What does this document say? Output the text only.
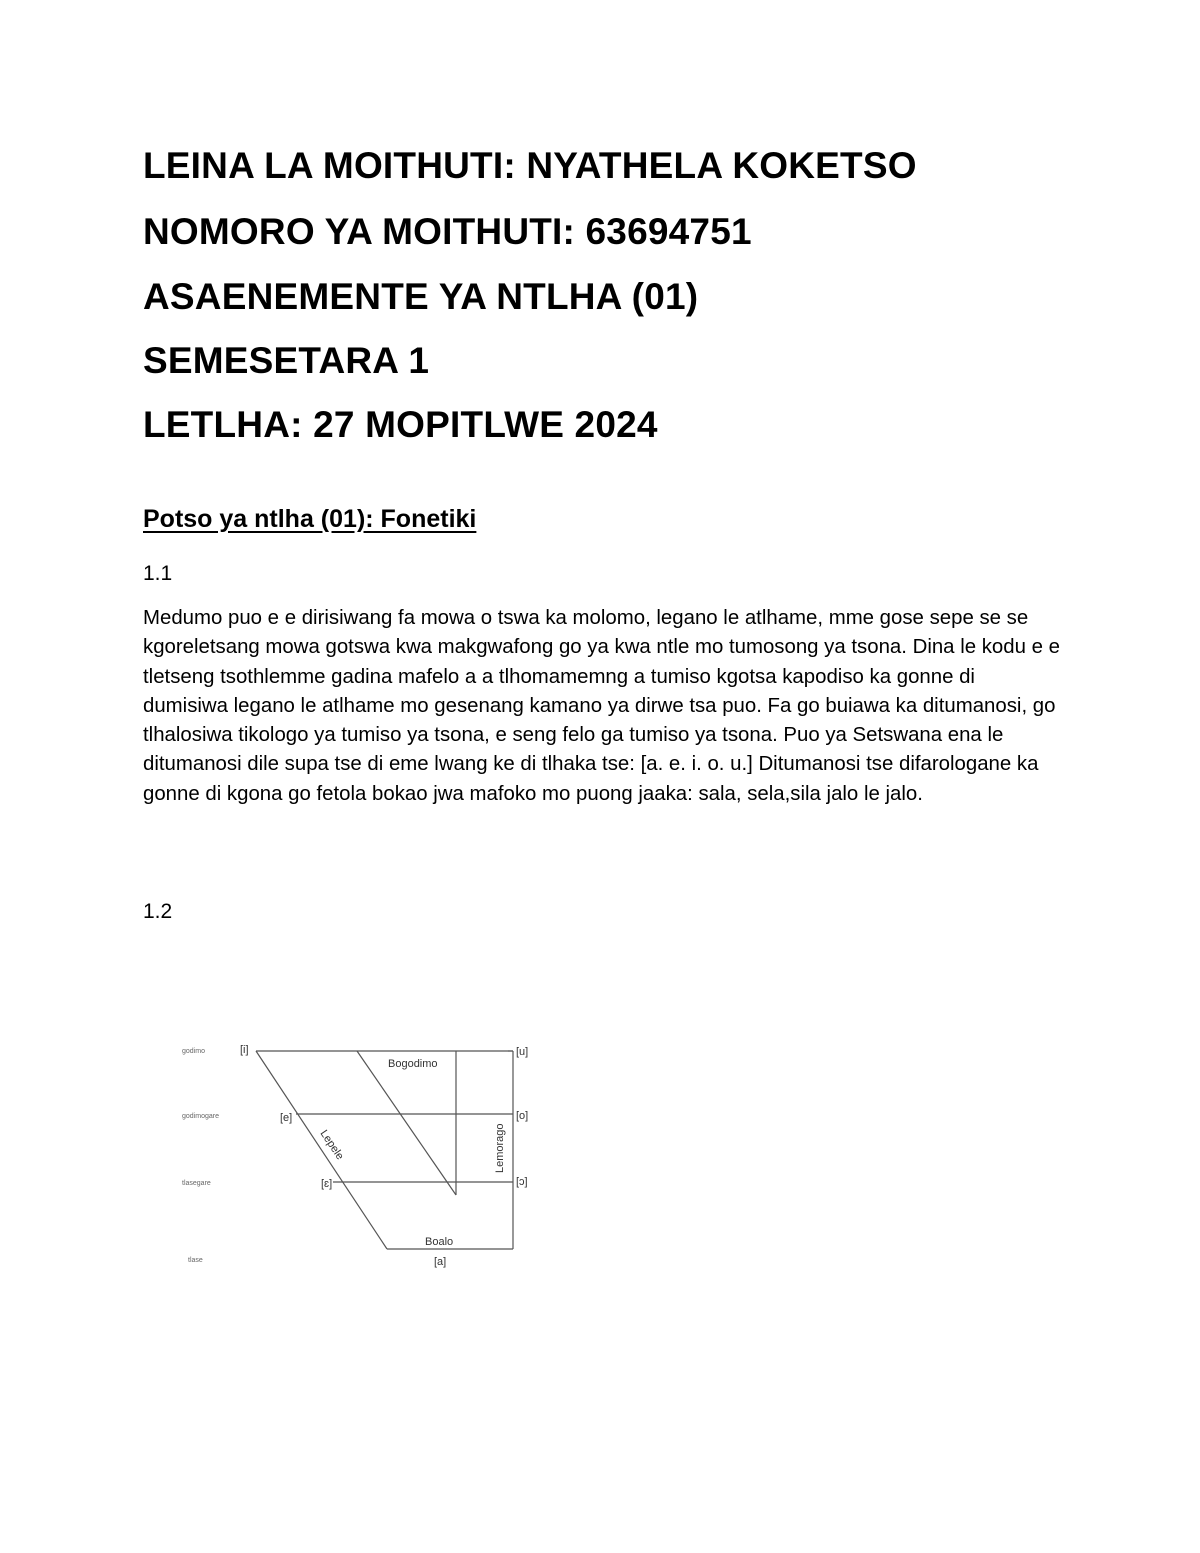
LEINA LA MOITHUTI: NYATHELA KOKETSO
NOMORO YA MOITHUTI: 63694751
ASAENEMENTE YA NTLHA (01)
SEMESETARA 1
LETLHA: 27 MOPITLWE 2024
Potso ya ntlha (01): Fonetiki

1.1

Medumo puo e e dirisiwang fa mowa o tswa ka molomo, legano le atlhame, mme gose sepe se se kgoreletsang mowa gotswa kwa makgwafong go ya kwa ntle mo tumosong ya tsona. Dina le kodu e e tletseng tsothlemme gadina mafelo a a tlhomamemng a tumiso kgotsa kapodiso ka gonne di dumisiwa legano le atlhame mo gesenang kamano ya dirwe tsa puo. Fa go buiawa ka ditumanosi, go tlhalosiwa tikologo ya tumiso ya tsona, e seng felo ga tumiso ya tsona. Puo ya Setswana ena le ditumanosi dile supa tse di eme lwang ke di tlhaka tse: [a. e. i. o. u.] Ditumanosi tse difarologane ka gonne di kgona go fetola bokao jwa mafoko mo puong jaaka: sala, sela,sila jalo le jalo.

1.2

godimo
godimogare
tlasegare
tlase
[i]
[e]
[ɛ]
[a]
[u]
[o]
[ɔ]
Bogodimo
Boalo
Lepele	Lemorago
